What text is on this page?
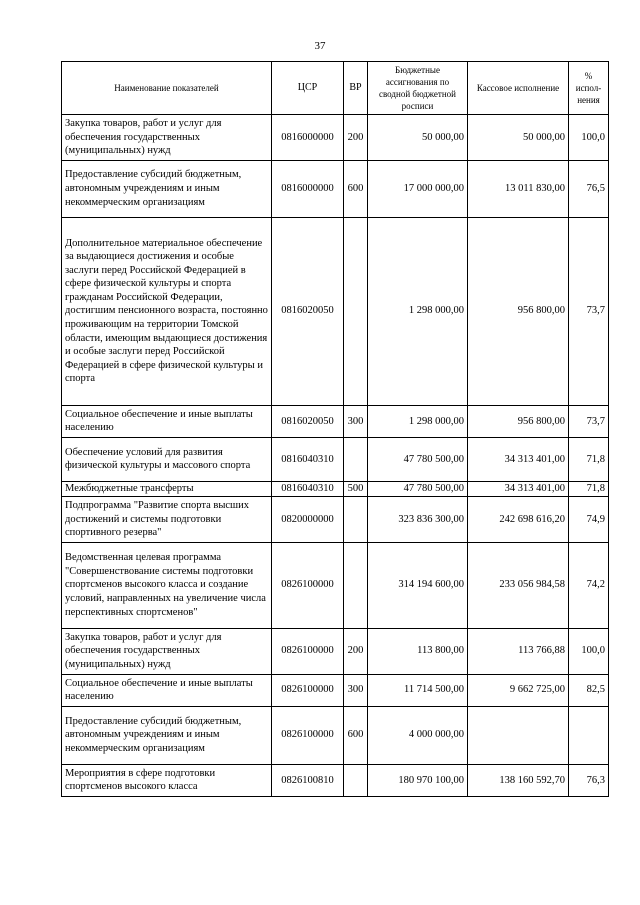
37
Наименование показателей	ЦСР	ВР	Бюджетные ассигнования по сводной бюджетной росписи	Кассовое исполнение	% испол-нения
Закупка товаров, работ и услуг для обеспечения государственных (муниципальных) нужд	0816000000	200	50 000,00	50 000,00	100,0
Предоставление субсидий бюджетным, автономным учреждениям и иным некоммерческим организациям	0816000000	600	17 000 000,00	13 011 830,00	76,5
Дополнительное материальное обеспечение за выдающиеся достижения и особые заслуги перед Российской Федерацией в сфере физической культуры и спорта гражданам Российской Федерации, достигшим пенсионного возраста, постоянно проживающим на территории Томской области, имеющим выдающиеся достижения и особые заслуги перед Российской Федерацией в сфере физической культуры и спорта	0816020050		1 298 000,00	956 800,00	73,7
Социальное обеспечение и иные выплаты населению	0816020050	300	1 298 000,00	956 800,00	73,7
Обеспечение условий для развития физической культуры и массового спорта	0816040310		47 780 500,00	34 313 401,00	71,8
Межбюджетные трансферты	0816040310	500	47 780 500,00	34 313 401,00	71,8
Подпрограмма "Развитие спорта высших достижений и системы подготовки спортивного резерва"	0820000000		323 836 300,00	242 698 616,20	74,9
Ведомственная целевая программа "Совершенствование системы подготовки спортсменов высокого класса и создание условий, направленных на увеличение числа перспективных спортсменов"	0826100000		314 194 600,00	233 056 984,58	74,2
Закупка товаров, работ и услуг для обеспечения государственных (муниципальных) нужд	0826100000	200	113 800,00	113 766,88	100,0
Социальное обеспечение и иные выплаты населению	0826100000	300	11 714 500,00	9 662 725,00	82,5
Предоставление субсидий бюджетным, автономным учреждениям и иным некоммерческим организациям	0826100000	600	4 000 000,00		
Мероприятия в сфере подготовки спортсменов высокого класса	0826100810		180 970 100,00	138 160 592,70	76,3
